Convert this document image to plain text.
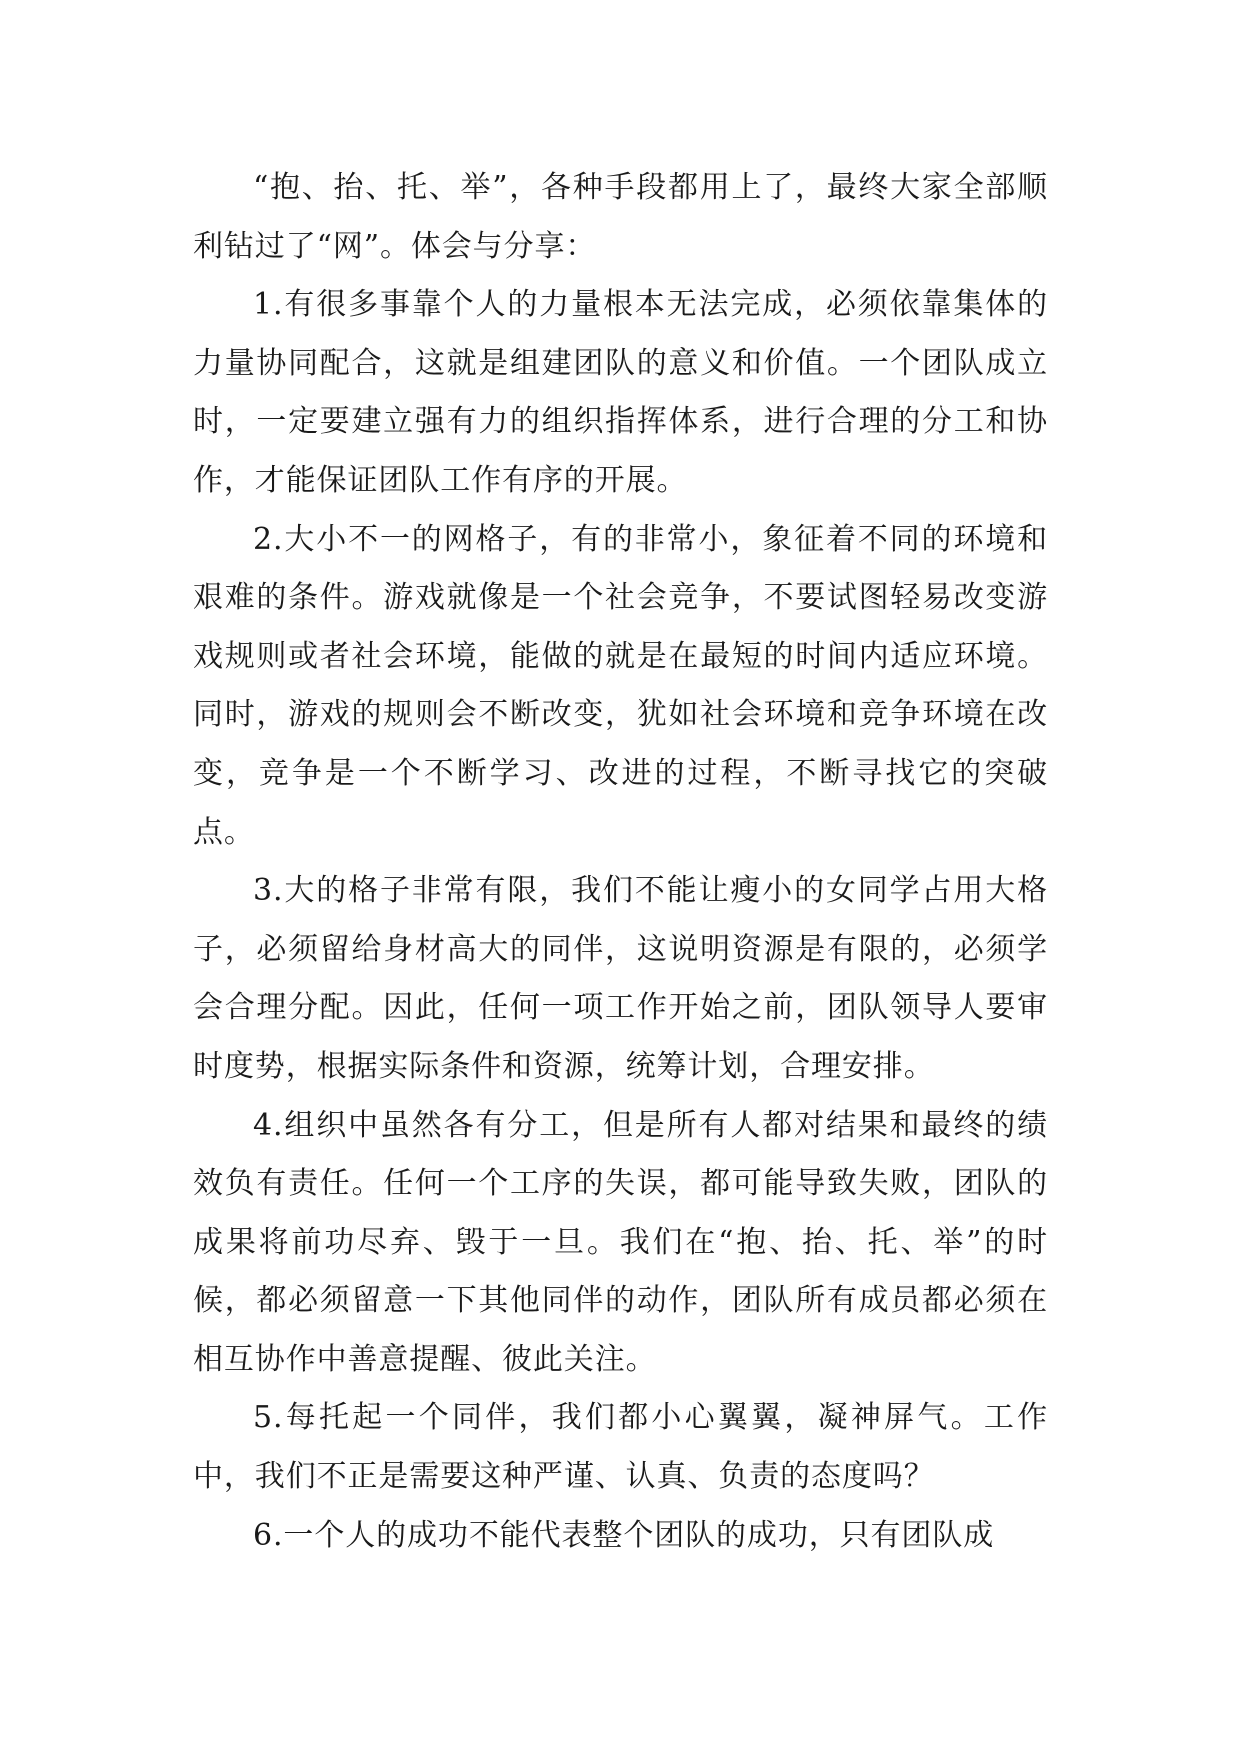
“抱、抬、托、举”，各种手段都用上了，最终大家全部顺利钻过了“网”。体会与分享：

1.有很多事靠个人的力量根本无法完成，必须依靠集体的力量协同配合，这就是组建团队的意义和价值。一个团队成立时，一定要建立强有力的组织指挥体系，进行合理的分工和协作，才能保证团队工作有序的开展。

2.大小不一的网格子，有的非常小，象征着不同的环境和艰难的条件。游戏就像是一个社会竞争，不要试图轻易改变游戏规则或者社会环境，能做的就是在最短的时间内适应环境。同时，游戏的规则会不断改变，犹如社会环境和竞争环境在改变，竞争是一个不断学习、改进的过程，不断寻找它的突破点。

3.大的格子非常有限，我们不能让瘦小的女同学占用大格子，必须留给身材高大的同伴，这说明资源是有限的，必须学会合理分配。因此，任何一项工作开始之前，团队领导人要审时度势，根据实际条件和资源，统筹计划，合理安排。

4.组织中虽然各有分工，但是所有人都对结果和最终的绩效负有责任。任何一个工序的失误，都可能导致失败，团队的成果将前功尽弃、毁于一旦。我们在“抱、抬、托、举”的时候，都必须留意一下其他同伴的动作，团队所有成员都必须在相互协作中善意提醒、彼此关注。

5.每托起一个同伴，我们都小心翼翼，凝神屏气。工作中，我们不正是需要这种严谨、认真、负责的态度吗？

6.一个人的成功不能代表整个团队的成功，只有团队成
